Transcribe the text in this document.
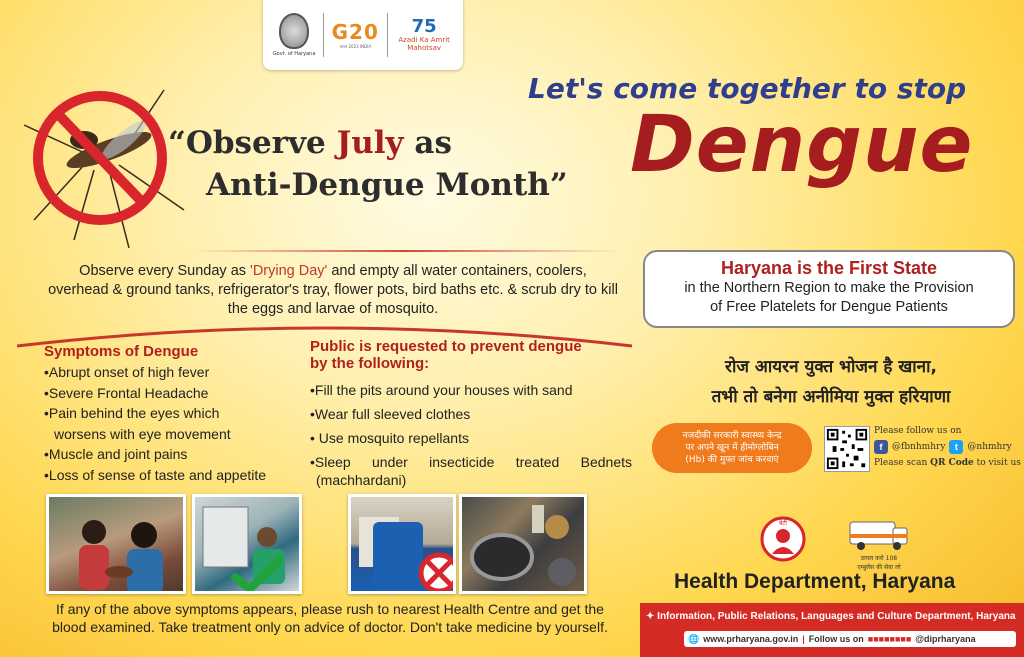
Govt. of Haryana
G20
भारत 2023 INDIA
75
Azadi Ka Amrit Mahotsav
“Observe July as
Anti-Dengue Month”
Let's come together to stop
Dengue
Observe every Sunday as 'Drying Day' and empty all water containers, coolers, overhead & ground tanks, refrigerator's tray, flower pots, bird baths etc. & scrub dry to kill the eggs and larvae of mosquito.
Haryana is the First State
in the Northern Region to make the Provision
of Free Platelets for Dengue Patients
रोज आयरन युक्त भोजन है खाना,
तभी तो बनेगा अनीमिया मुक्त हरियाणा
Symptoms of Dengue
•Abrupt onset of high fever
•Severe Frontal Headache
•Pain behind the eyes which
worsens with eye movement
•Muscle and joint pains
•Loss of sense of taste and appetite
Public is requested to prevent dengue
by the following:
•Fill the pits around your houses with sand
•Wear full sleeved clothes
• Use mosquito repellants
•Sleep under insecticide treated Bednets
(machhardani)
If any of the above symptoms appears, please rush to nearest Health Centre and get the
blood examined. Take treatment only on advice of doctor. Don't take medicine by yourself.
नजदीकी सरकारी स्वास्थ्य केन्द्र
पर अपने खून में हीमोग्लोबिन
(Hb) की मुफ्त जांच करवाएं
Please follow us on
f	@fbnhmhry	t	@nhmhry
Please scan QR Code to visit us
बेटी
डायल करो 108
एम्बुलेंस की सेवा लो
Health Department, Haryana
✦ Information, Public Relations, Languages and Culture Department, Haryana
🌐 www.prharyana.gov.in | Follow us on ■■■■■■■■ @diprharyana
